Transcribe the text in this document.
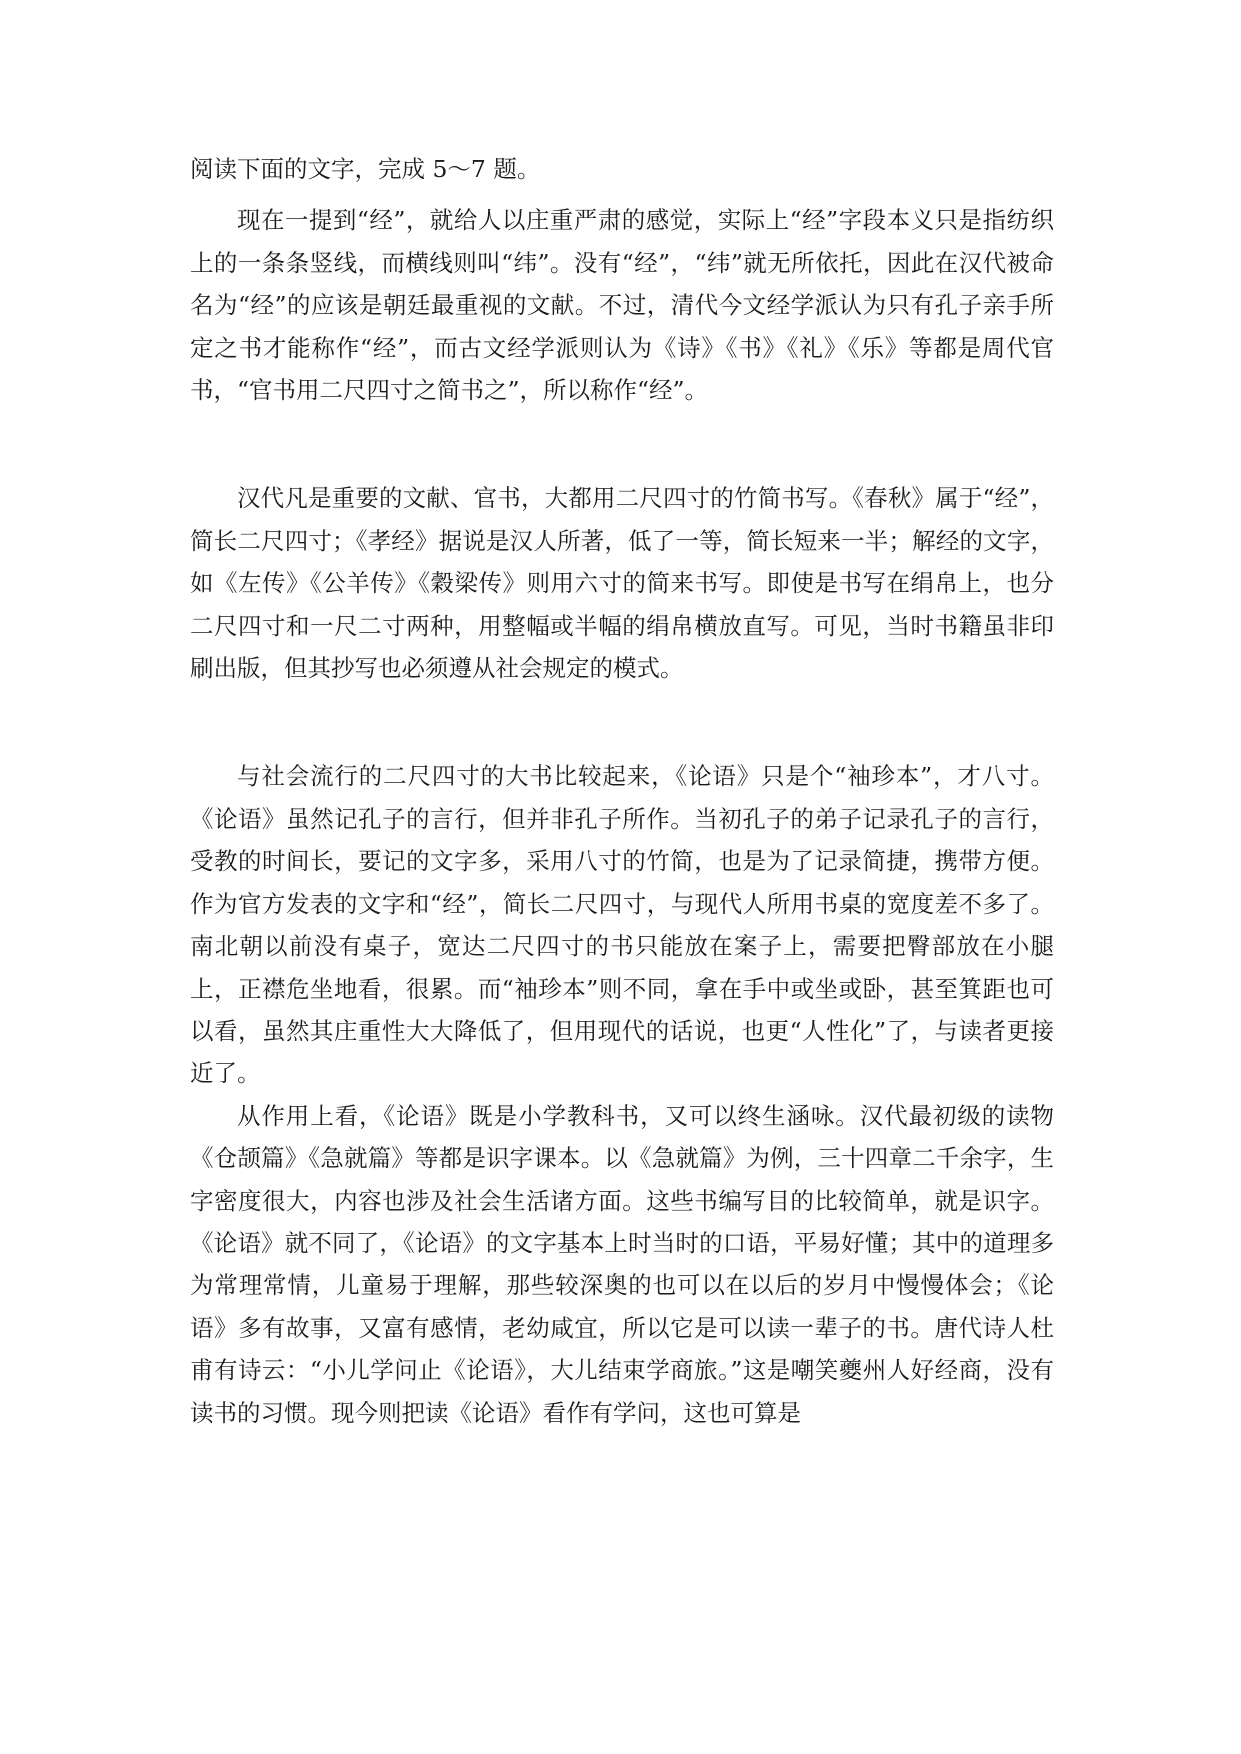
阅读下面的文字，完成 5～7 题。

现在一提到“经”，就给人以庄重严肃的感觉，实际上“经”字段本义只是指纺织上的一条条竖线，而横线则叫“纬”。没有“经”，“纬”就无所依托，因此在汉代被命名为“经”的应该是朝廷最重视的文献。不过，清代今文经学派认为只有孔子亲手所定之书才能称作“经”，而古文经学派则认为《诗》《书》《礼》《乐》等都是周代官书，“官书用二尺四寸之简书之”，所以称作“经”。

汉代凡是重要的文献、官书，大都用二尺四寸的竹简书写。《春秋》属于“经”，简长二尺四寸；《孝经》据说是汉人所著，低了一等，简长短来一半；解经的文字，如《左传》《公羊传》《穀梁传》则用六寸的简来书写。即使是书写在绢帛上，也分二尺四寸和一尺二寸两种，用整幅或半幅的绢帛横放直写。可见，当时书籍虽非印刷出版，但其抄写也必须遵从社会规定的模式。

与社会流行的二尺四寸的大书比较起来，《论语》只是个“袖珍本”，才八寸。《论语》虽然记孔子的言行，但并非孔子所作。当初孔子的弟子记录孔子的言行，受教的时间长，要记的文字多，采用八寸的竹简，也是为了记录简捷，携带方便。作为官方发表的文字和“经”，简长二尺四寸，与现代人所用书桌的宽度差不多了。南北朝以前没有桌子，宽达二尺四寸的书只能放在案子上，需要把臀部放在小腿上，正襟危坐地看，很累。而“袖珍本”则不同，拿在手中或坐或卧，甚至箕距也可以看，虽然其庄重性大大降低了，但用现代的话说，也更“人性化”了，与读者更接近了。

从作用上看，《论语》既是小学教科书，又可以终生涵咏。汉代最初级的读物《仓颉篇》《急就篇》等都是识字课本。以《急就篇》为例，三十四章二千余字，生字密度很大，内容也涉及社会生活诸方面。这些书编写目的比较简单，就是识字。《论语》就不同了，《论语》的文字基本上时当时的口语，平易好懂；其中的道理多为常理常情，儿童易于理解，那些较深奥的也可以在以后的岁月中慢慢体会；《论语》多有故事，又富有感情，老幼咸宜，所以它是可以读一辈子的书。唐代诗人杜甫有诗云：“小儿学问止《论语》，大儿结束学商旅。”这是嘲笑夔州人好经商，没有读书的习惯。现今则把读《论语》看作有学问，这也可算是
